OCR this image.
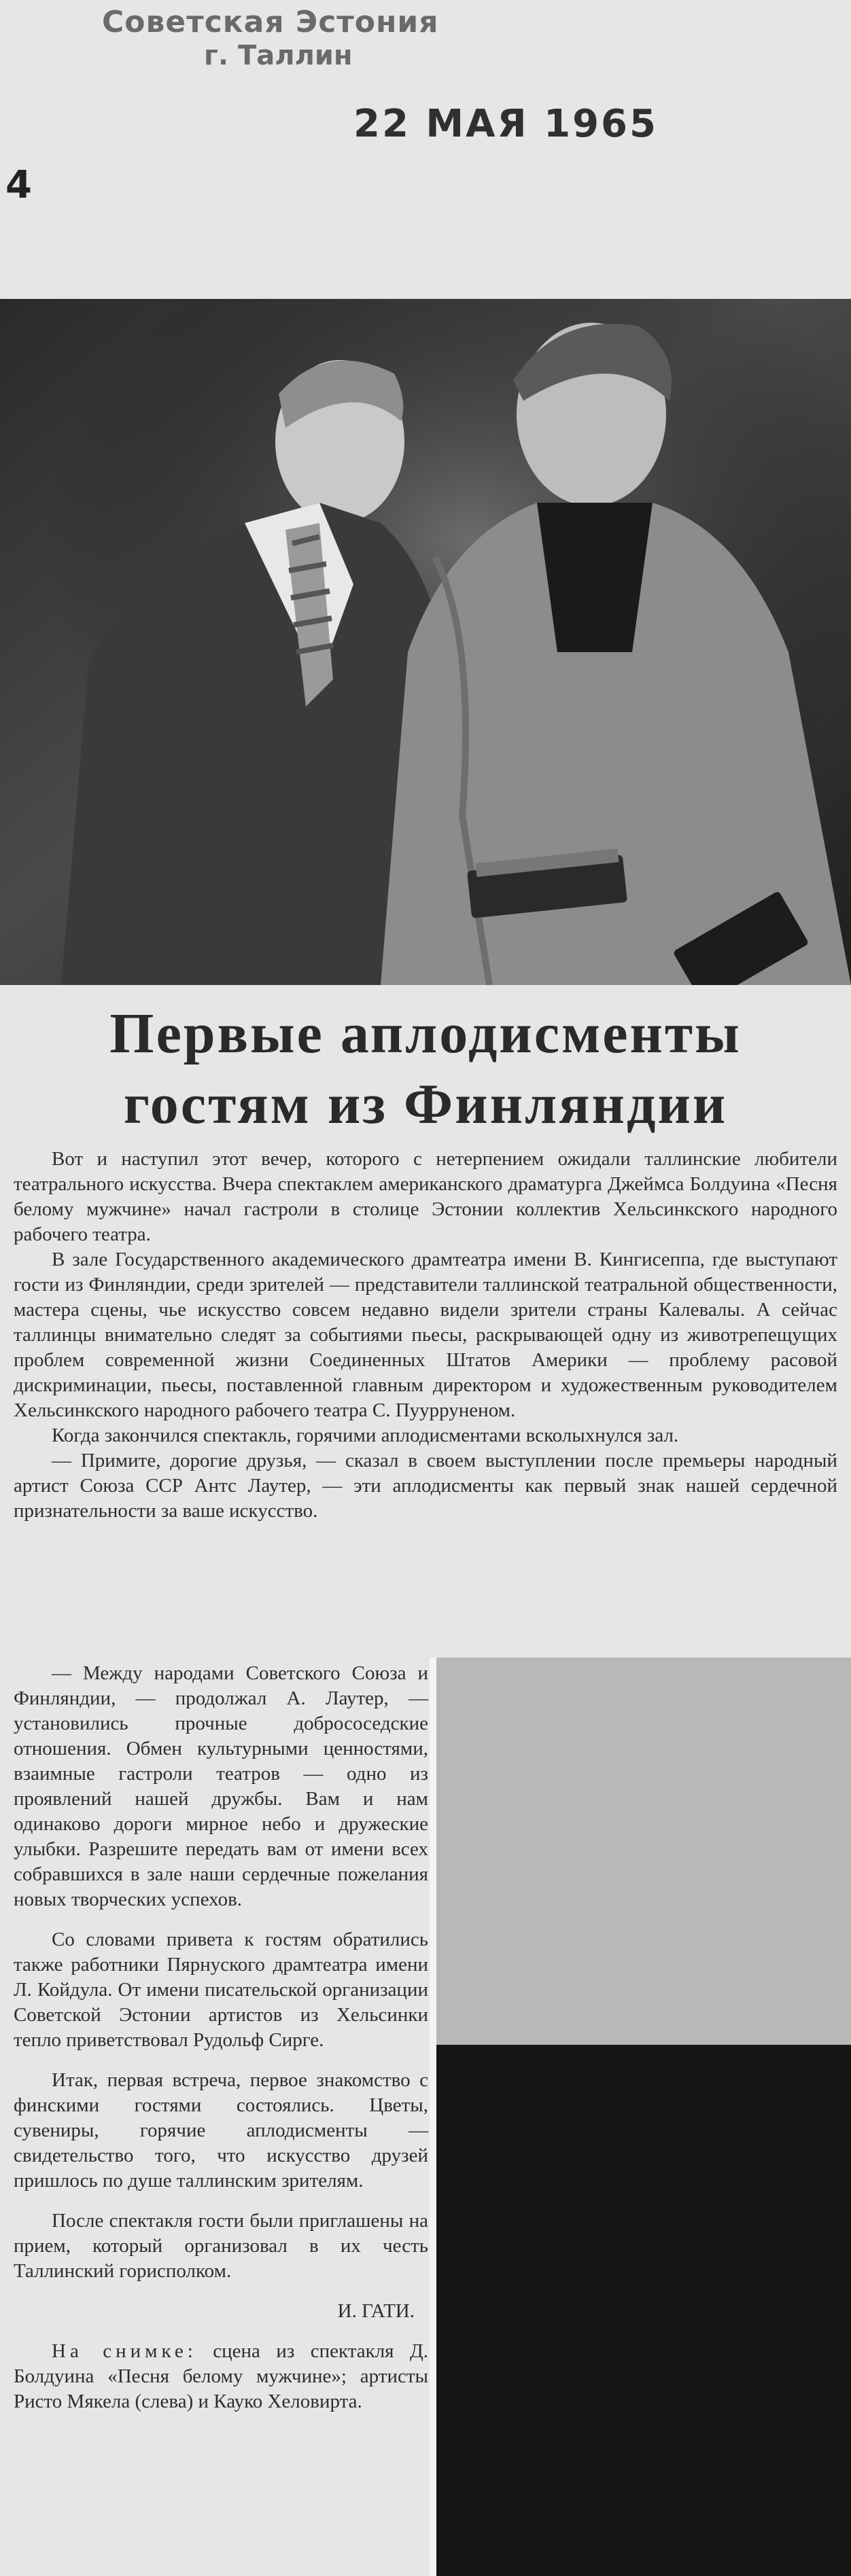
Советская Эстония
г. Таллин
22 МАЯ 1965
4
Первые аплодисменты
гостям из Финляндии

Вот и наступил этот вечер, которого с нетерпением ожидали таллинские любители театрального искусства. Вчера спектаклем американского драматурга Джеймса Болдуина «Песня белому мужчине» начал гастроли в столице Эстонии коллектив Хельсинкского народного рабочего театра.

В зале Государственного академического драмтеатра имени В. Кингисеппа, где выступают гости из Финляндии, среди зрителей — представители таллинской театральной общественности, мастера сцены, чье искусство совсем недавно видели зрители страны Калевалы. А сейчас таллинцы внимательно следят за событиями пьесы, раскрывающей одну из животрепещущих проблем современной жизни Соединенных Штатов Америки — проблему расовой дискриминации, пьесы, поставленной главным директором и художественным руководителем Хельсинкского народного рабочего театра С. Пуурруненом.

Когда закончился спектакль, горячими аплодисментами всколыхнулся зал.

— Примите, дорогие друзья, — сказал в своем выступлении после премьеры народный артист Союза ССР Антс Лаутер, — эти аплодисменты как первый знак нашей сердечной признательности за ваше искусство.

— Между народами Советского Союза и Финляндии, — продолжал А. Лаутер, — установились прочные добрососедские отношения. Обмен культурными ценностями, взаимные гастроли театров — одно из проявлений нашей дружбы. Вам и нам одинаково дороги мирное небо и дружеские улыбки. Разрешите передать вам от имени всех собравшихся в зале наши сердечные пожелания новых творческих успехов.

Со словами привета к гостям обратились также работники Пярнуского драмтеатра имени Л. Койдула. От имени писательской организации Советской Эстонии артистов из Хельсинки тепло приветствовал Рудольф Сирге.

Итак, первая встреча, первое знакомство с финскими гостями состоялись. Цветы, сувениры, горячие аплодисменты — свидетельство того, что искусство друзей пришлось по душе таллинским зрителям.

После спектакля гости были приглашены на прием, который организовал в их честь Таллинский горисполком.

И. ГАТИ.

На снимке: сцена из спектакля Д. Болдуина «Песня белому мужчине»; артисты Ристо Мякела (слева) и Кауко Хеловирта.
